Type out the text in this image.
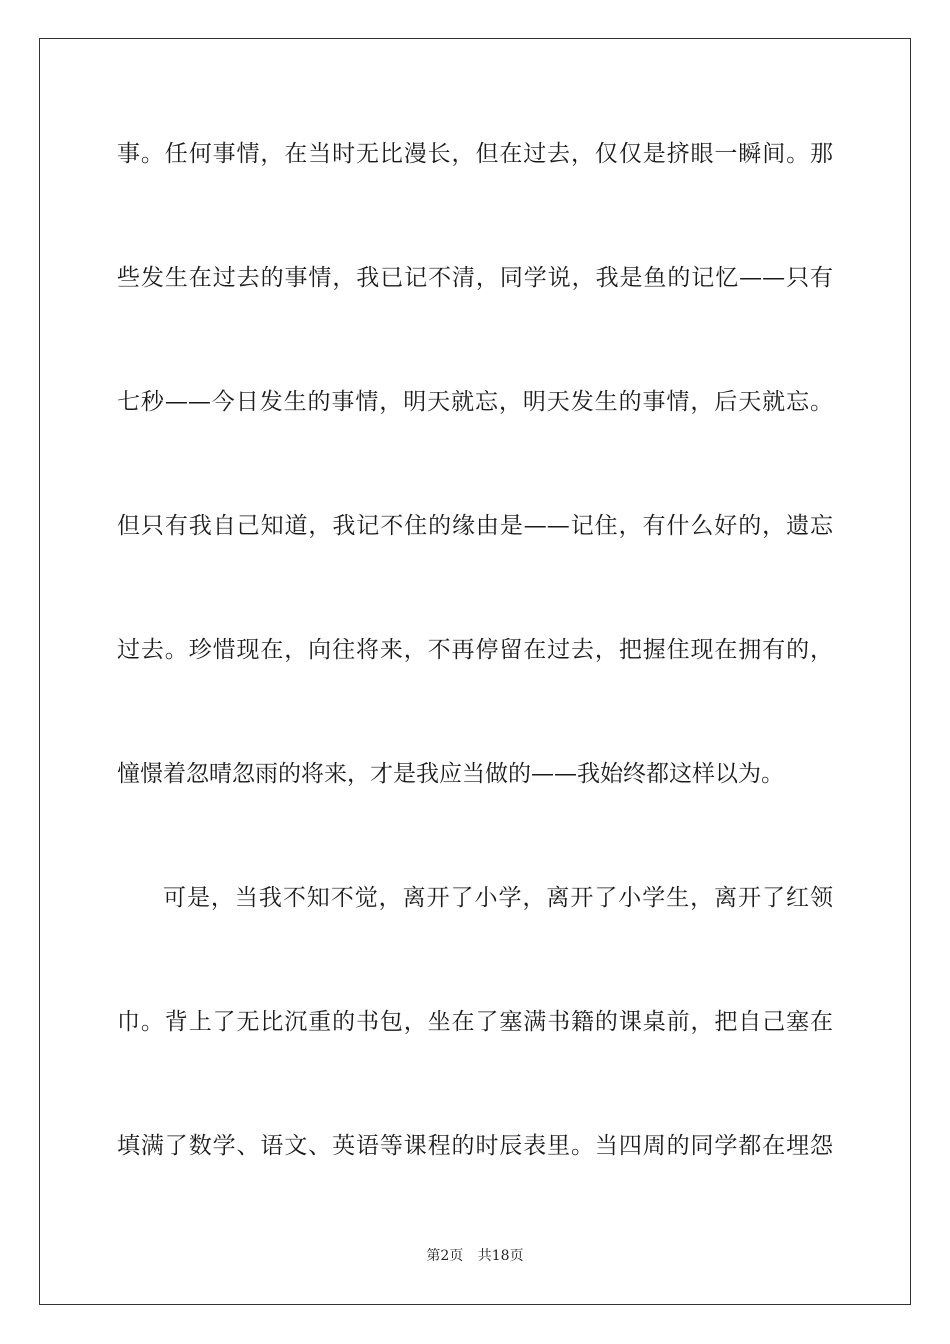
事。任何事情，在当时无比漫长，但在过去，仅仅是挤眼一瞬间。那
些发生在过去的事情，我已记不清，同学说，我是鱼的记忆——只有
七秒——今日发生的事情，明天就忘，明天发生的事情，后天就忘。
但只有我自己知道，我记不住的缘由是——记住，有什么好的，遗忘
过去。珍惜现在，向往将来，不再停留在过去，把握住现在拥有的，
憧憬着忽晴忽雨的将来，才是我应当做的——我始终都这样以为。
可是，当我不知不觉，离开了小学，离开了小学生，离开了红领
巾。背上了无比沉重的书包，坐在了塞满书籍的课桌前，把自己塞在
填满了数学、语文、英语等课程的时辰表里。当四周的同学都在埋怨
第2页 共18页
